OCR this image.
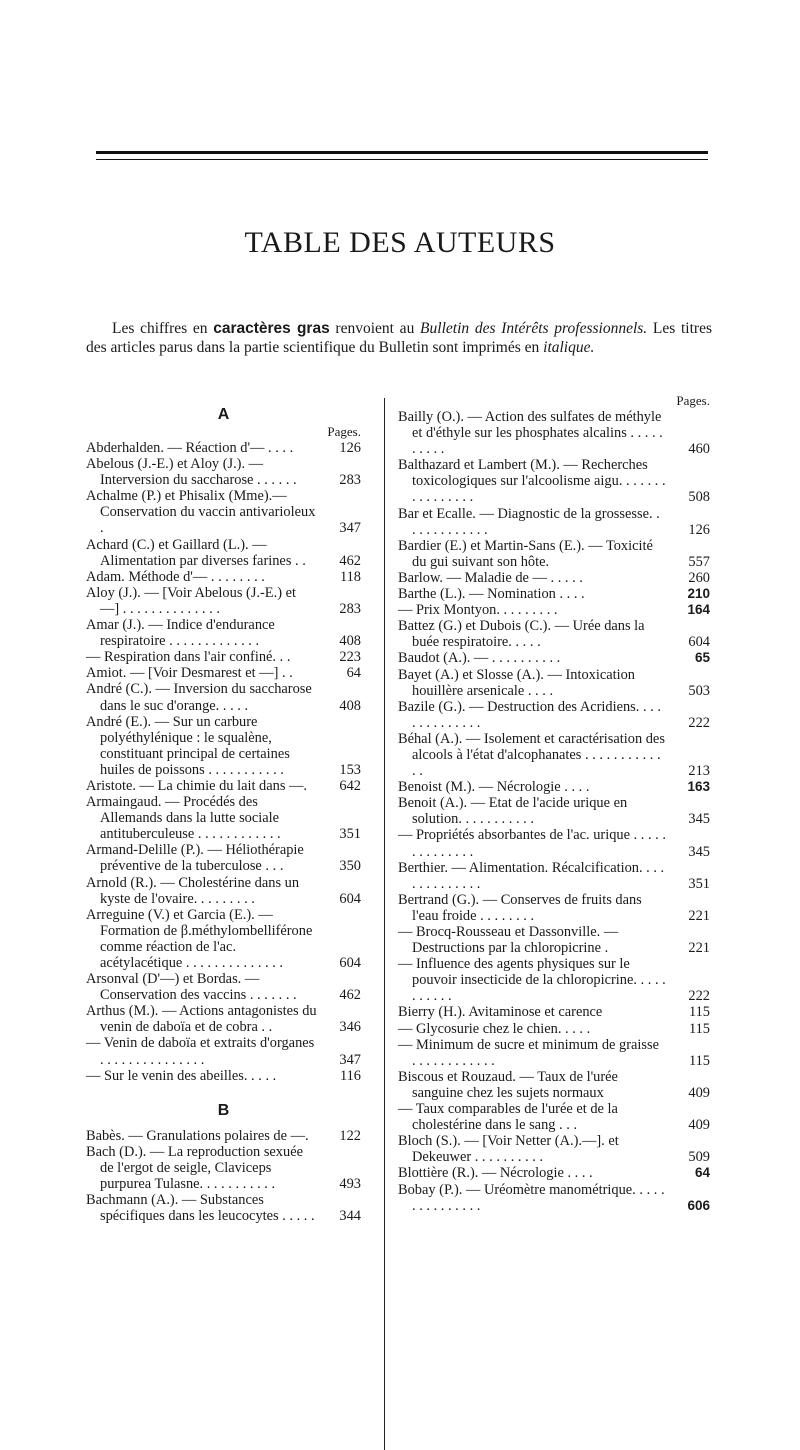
TABLE DES AUTEURS
Les chiffres en caractères gras renvoient au Bulletin des Intérêts professionnels. Les titres des articles parus dans la partie scientifique du Bulletin sont imprimés en italique.
A
Pages.
Abderhalden. — Réaction d'— . . . .	126
Abelous (J.-E.) et Aloy (J.). — Interversion du saccharose . . . . . .	283
Achalme (P.) et Phisalix (Mme).— Conservation du vaccin antivarioleux .	347
Achard (C.) et Gaillard (L.). — Alimentation par diverses farines . .	462
Adam. Méthode d'— . . . . . . . .	118
Aloy (J.). — [Voir Abelous (J.-E.) et —] . . . . . . . . . . . . . .	283
Amar (J.). — Indice d'endurance respiratoire . . . . . . . . . . . . .	408
— Respiration dans l'air confiné. . .	223
Amiot. — [Voir Desmarest et —] . .	64
André (C.). — Inversion du saccharose dans le suc d'orange. . . . .	408
André (E.). — Sur un carbure polyéthylénique : le squalène, constituant principal de certaines huiles de poissons . . . . . . . . . . .	153
Aristote. — La chimie du lait dans —.	642
Armaingaud. — Procédés des Allemands dans la lutte sociale antituberculeuse . . . . . . . . . . . .	351
Armand-Delille (P.). — Héliothérapie préventive de la tuberculose . . .	350
Arnold (R.). — Cholestérine dans un kyste de l'ovaire. . . . . . . . .	604
Arreguine (V.) et Garcia (E.). — Formation de β.méthylombelliférone comme réaction de l'ac. acétylacétique . . . . . . . . . . . . . .	604
Arsonval (D'—) et Bordas. — Conservation des vaccins . . . . . . .	462
Arthus (M.). — Actions antagonistes du venin de daboïa et de cobra . .	346
— Venin de daboïa et extraits d'organes . . . . . . . . . . . . . . .	347
— Sur le venin des abeilles. . . . .	116
B
Babès. — Granulations polaires de —.	122
Bach (D.). — La reproduction sexuée de l'ergot de seigle, Claviceps purpurea Tulasne. . . . . . . . . . .	493
Bachmann (A.). — Substances spécifiques dans les leucocytes . . . . .	344
Pages.
Bailly (O.). — Action des sulfates de méthyle et d'éthyle sur les phosphates alcalins . . . . . . . . . .	460
Balthazard et Lambert (M.). — Recherches toxicologiques sur l'alcoolisme aigu. . . . . . . . . . . . . . . .	508
Bar et Ecalle. — Diagnostic de la grossesse. . . . . . . . . . . . .	126
Bardier (E.) et Martin-Sans (E.). — Toxicité du gui suivant son hôte.	557
Barlow. — Maladie de — . . . . .	260
Barthe (L.). — Nomination . . . .	210
— Prix Montyon. . . . . . . . .	164
Battez (G.) et Dubois (C.). — Urée dans la buée respiratoire. . . . .	604
Baudot (A.). — . . . . . . . . . .	65
Bayet (A.) et Slosse (A.). — Intoxication houillère arsenicale . . . .	503
Bazile (G.). — Destruction des Acridiens. . . . . . . . . . . . . .	222
Béhal (A.). — Isolement et caractérisation des alcools à l'état d'alcophanates . . . . . . . . . . . . .	213
Benoist (M.). — Nécrologie . . . .	163
Benoit (A.). — Etat de l'acide urique en solution. . . . . . . . . . .	345
— Propriétés absorbantes de l'ac. urique . . . . . . . . . . . . . .	345
Berthier. — Alimentation. Récalcification. . . . . . . . . . . . . .	351
Bertrand (G.). — Conserves de fruits dans l'eau froide . . . . . . . .	221
— Brocq-Rousseau et Dassonville. — Destructions par la chloropicrine .	221
— Influence des agents physiques sur le pouvoir insecticide de la chloropicrine. . . . . . . . . . .	222
Bierry (H.). Avitaminose et carence	115
— Glycosurie chez le chien. . . . .	115
— Minimum de sucre et minimum de graisse . . . . . . . . . . . .	115
Biscous et Rouzaud. — Taux de l'urée sanguine chez les sujets normaux	409
— Taux comparables de l'urée et de la cholestérine dans le sang . . .	409
Bloch (S.). — [Voir Netter (A.).—]. et Dekeuwer . . . . . . . . . .	509
Blottière (R.). — Nécrologie . . . .	64
Bobay (P.). — Uréomètre manométrique. . . . . . . . . . . . . . .	606
